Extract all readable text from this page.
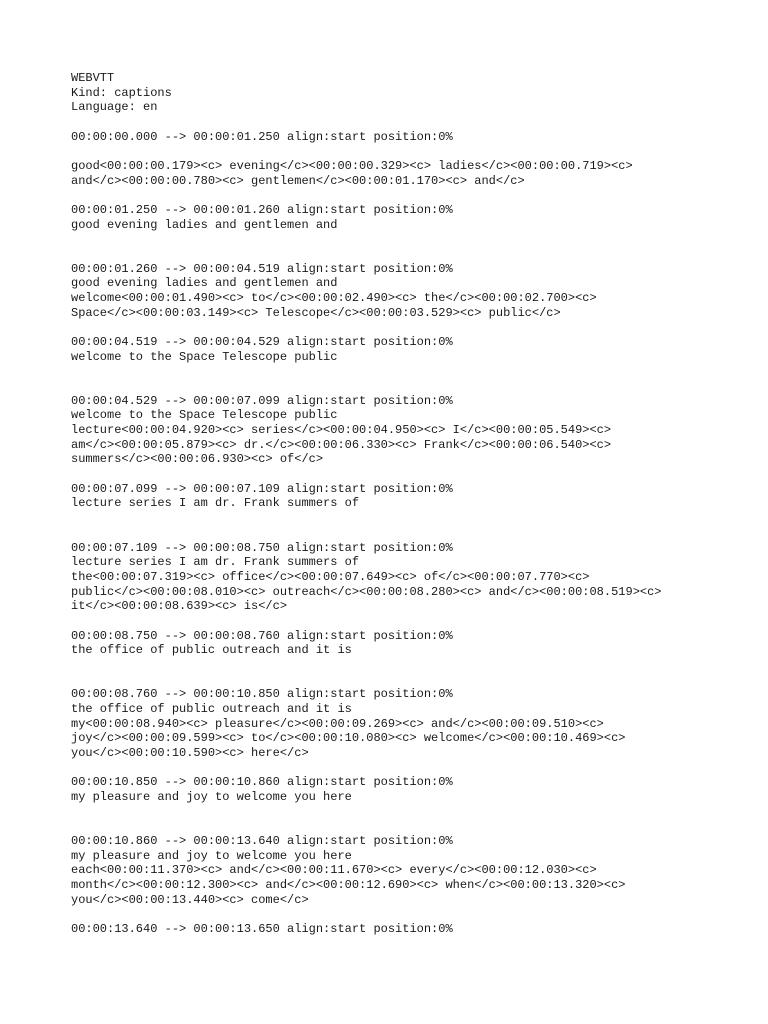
WEBVTT
Kind: captions
Language: en
00:00:00.000 --> 00:00:01.250 align:start position:0%
good<00:00:00.179><c> evening</c><00:00:00.329><c> ladies</c><00:00:00.719><c>
and</c><00:00:00.780><c> gentlemen</c><00:00:01.170><c> and</c>
00:00:01.250 --> 00:00:01.260 align:start position:0%
good evening ladies and gentlemen and
00:00:01.260 --> 00:00:04.519 align:start position:0%
good evening ladies and gentlemen and
welcome<00:00:01.490><c> to</c><00:00:02.490><c> the</c><00:00:02.700><c>
Space</c><00:00:03.149><c> Telescope</c><00:00:03.529><c> public</c>
00:00:04.519 --> 00:00:04.529 align:start position:0%
welcome to the Space Telescope public
00:00:04.529 --> 00:00:07.099 align:start position:0%
welcome to the Space Telescope public
lecture<00:00:04.920><c> series</c><00:00:04.950><c> I</c><00:00:05.549><c>
am</c><00:00:05.879><c> dr.</c><00:00:06.330><c> Frank</c><00:00:06.540><c>
summers</c><00:00:06.930><c> of</c>
00:00:07.099 --> 00:00:07.109 align:start position:0%
lecture series I am dr. Frank summers of
00:00:07.109 --> 00:00:08.750 align:start position:0%
lecture series I am dr. Frank summers of
the<00:00:07.319><c> office</c><00:00:07.649><c> of</c><00:00:07.770><c>
public</c><00:00:08.010><c> outreach</c><00:00:08.280><c> and</c><00:00:08.519><c>
it</c><00:00:08.639><c> is</c>
00:00:08.750 --> 00:00:08.760 align:start position:0%
the office of public outreach and it is
00:00:08.760 --> 00:00:10.850 align:start position:0%
the office of public outreach and it is
my<00:00:08.940><c> pleasure</c><00:00:09.269><c> and</c><00:00:09.510><c>
joy</c><00:00:09.599><c> to</c><00:00:10.080><c> welcome</c><00:00:10.469><c>
you</c><00:00:10.590><c> here</c>
00:00:10.850 --> 00:00:10.860 align:start position:0%
my pleasure and joy to welcome you here
00:00:10.860 --> 00:00:13.640 align:start position:0%
my pleasure and joy to welcome you here
each<00:00:11.370><c> and</c><00:00:11.670><c> every</c><00:00:12.030><c>
month</c><00:00:12.300><c> and</c><00:00:12.690><c> when</c><00:00:13.320><c>
you</c><00:00:13.440><c> come</c>
00:00:13.640 --> 00:00:13.650 align:start position:0%
